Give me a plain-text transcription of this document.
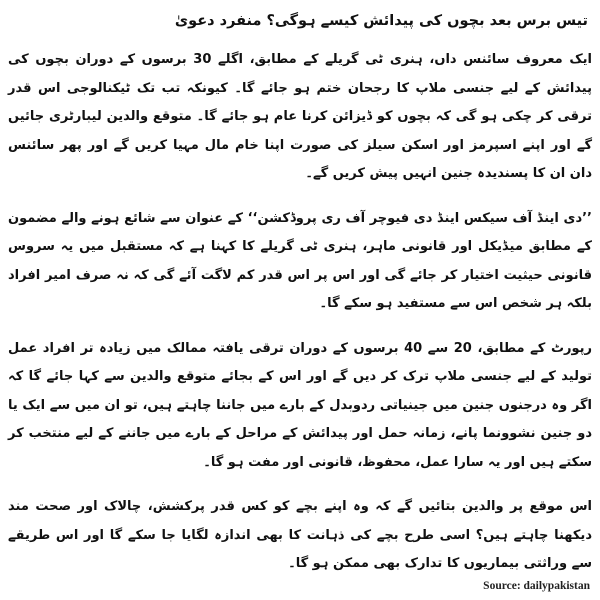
تیس برس بعد بچوں کی پیدائش کیسے ہوگی؟ منفرد دعویٰ

ایک معروف سائنس داں، ہنری ٹی گریلے کے مطابق، اگلے 30 برسوں کے دوران بچوں کی پیدائش کے لیے جنسی ملاپ کا رجحان ختم ہو جائے گا۔ کیونکہ تب تک ٹیکنالوجی اس قدر ترقی کر چکی ہو گی کہ بچوں کو ڈیزائن کرنا عام ہو جائے گا۔ متوقع والدین لیبارٹری جائیں گے اور اپنے اسپرمز اور اسکن سیلز کی صورت اپنا خام مال مہیا کریں گے اور پھر سائنس دان ان کا پسندیدہ جنین انہیں پیش کریں گے۔

’’دی اینڈ آف سیکس اینڈ دی فیوچر آف ری پروڈکشن‘‘ کے عنوان سے شائع ہونے والے مضمون کے مطابق میڈیکل اور قانونی ماہر، ہنری ٹی گریلے کا کہنا ہے کہ مستقبل میں یہ سروس قانونی حیثیت اختیار کر جائے گی اور اس پر اس قدر کم لاگت آئے گی کہ نہ صرف امیر افراد بلکہ ہر شخص اس سے مستفید ہو سکے گا۔

رپورٹ کے مطابق، 20 سے 40 برسوں کے دوران ترقی یافتہ ممالک میں زیادہ تر افراد عمل تولید کے لیے جنسی ملاپ ترک کر دیں گے اور اس کے بجائے متوقع والدین سے کہا جائے گا کہ اگر وہ درجنوں جنین میں جینیاتی ردوبدل کے بارے میں جاننا چاہتے ہیں، تو ان میں سے ایک یا دو جنین نشوونما پانے، زمانہ حمل اور پیدائش کے مراحل کے بارے میں جاننے کے لیے منتخب کر سکتے ہیں اور یہ سارا عمل، محفوظ، قانونی اور مفت ہو گا۔

اس موقع پر والدین بتائیں گے کہ وہ اپنے بچے کو کس قدر پرکشش، چالاک اور صحت مند دیکھنا چاہتے ہیں؟ اسی طرح بچے کی ذہانت کا بھی اندازہ لگایا جا سکے گا اور اس طریقے سے وراثتی بیماریوں کا تدارک بھی ممکن ہو گا۔

Source: dailypakistan
